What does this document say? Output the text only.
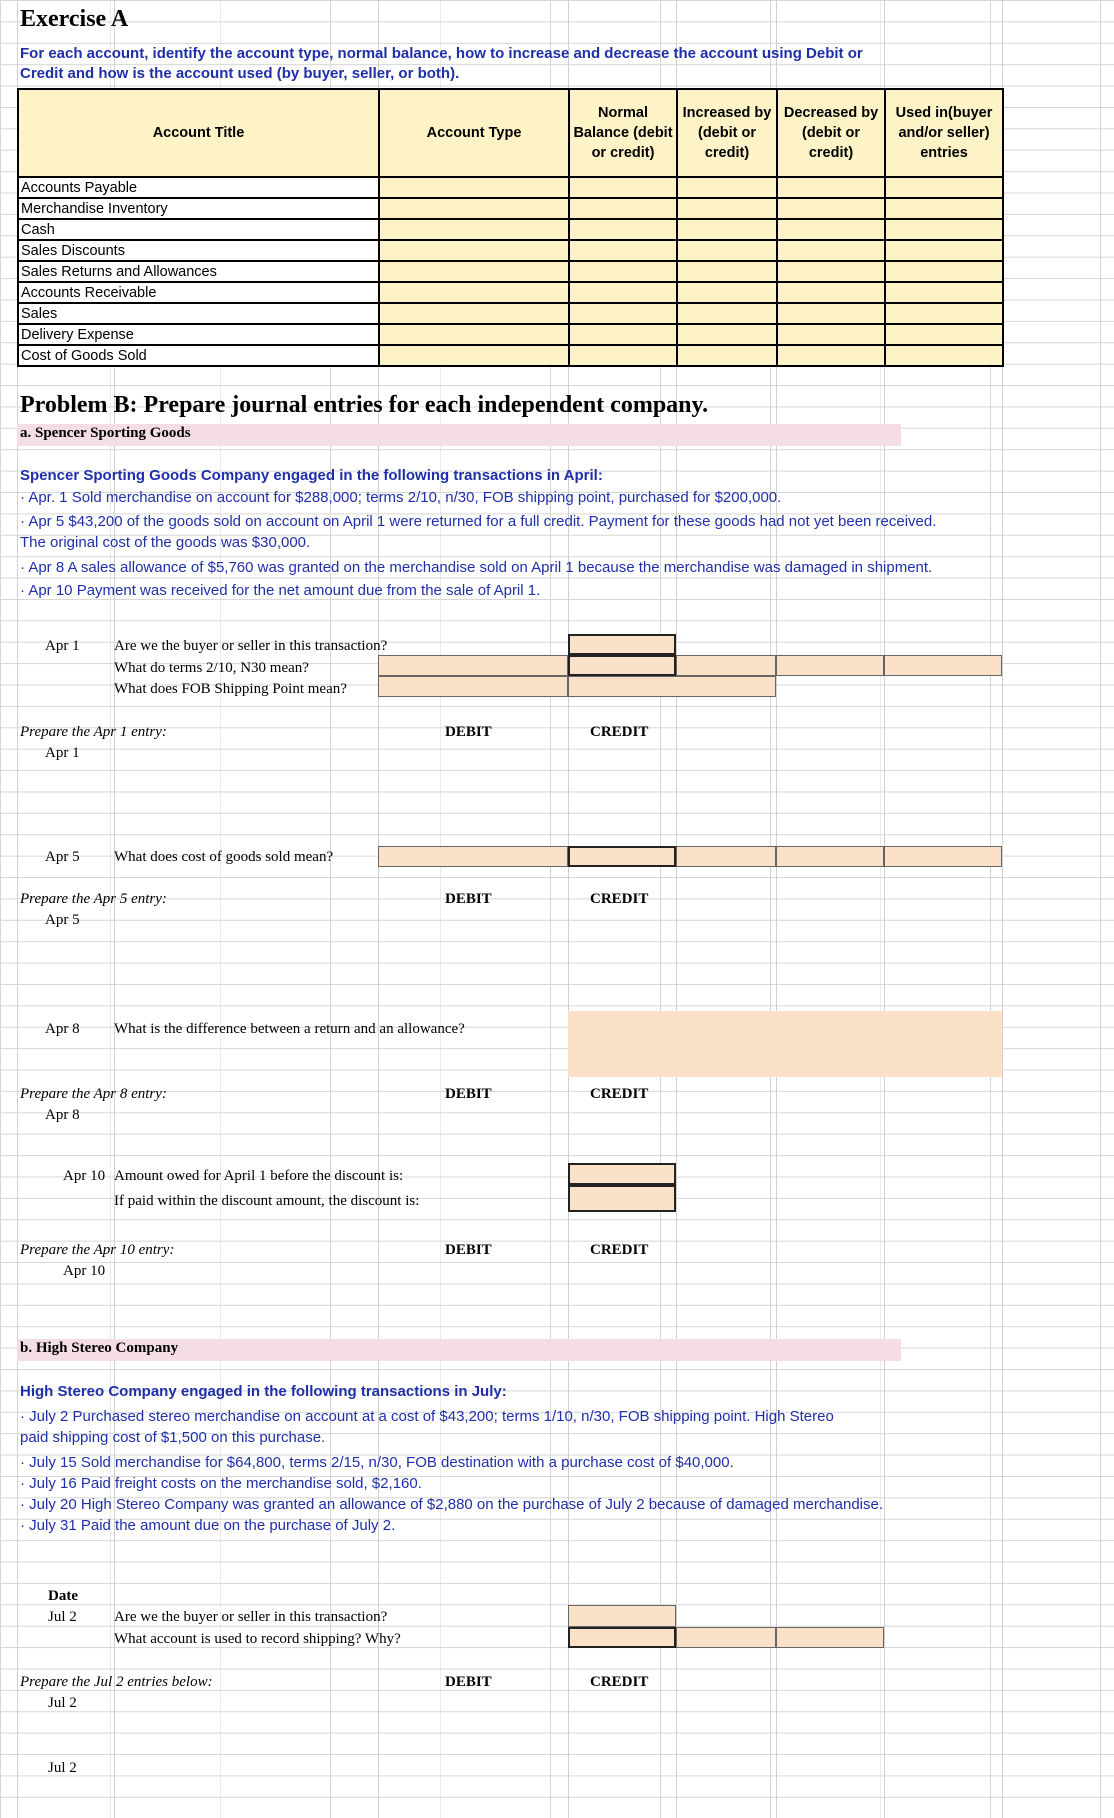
Exercise A
For each account, identify the account type, normal balance, how to increase and decrease the account using Debit or Credit and how is the account used (by buyer, seller, or both).
Account Title	Account Type	Normal Balance (debit or credit)	Increased by (debit or credit)	Decreased by (debit or credit)	Used in(buyer and/or seller) entries
Accounts Payable					
Merchandise Inventory					
Cash					
Sales Discounts					
Sales Returns and Allowances					
Accounts Receivable					
Sales					
Delivery Expense					
Cost of Goods Sold					
Problem B: Prepare journal entries for each independent company.
a. Spencer Sporting Goods
Spencer Sporting Goods Company engaged in the following transactions in April:
· Apr. 1 Sold merchandise on account for $288,000; terms 2/10, n/30, FOB shipping point, purchased for $200,000.
· Apr 5 $43,200 of the goods sold on account on April 1 were returned for a full credit. Payment for these goods had not yet been received.
The original cost of the goods was $30,000.
· Apr 8 A sales allowance of $5,760 was granted on the merchandise sold on April 1 because the merchandise was damaged in shipment.
· Apr 10 Payment was received for the net amount due from the sale of April 1.
Apr 1 Are we the buyer or seller in this transaction?
What do terms 2/10, N30 mean?
What does FOB Shipping Point mean?
Prepare the Apr 1 entry:	DEBIT	CREDIT
Apr 1
Apr 5 What does cost of goods sold mean?
Prepare the Apr 5 entry:	DEBIT	CREDIT
Apr 5
Apr 8 What is the difference between a return and an allowance?
Prepare the Apr 8 entry:	DEBIT	CREDIT
Apr 8
Apr 10 Amount owed for April 1 before the discount is:
If paid within the discount amount, the discount is:
Prepare the Apr 10 entry:	DEBIT	CREDIT
Apr 10
b. High Stereo Company
High Stereo Company engaged in the following transactions in July:
· July 2 Purchased stereo merchandise on account at a cost of $43,200; terms 1/10, n/30, FOB shipping point. High Stereo
paid shipping cost of $1,500 on this purchase.
· July 15 Sold merchandise for $64,800, terms 2/15, n/30, FOB destination with a purchase cost of $40,000.
· July 16 Paid freight costs on the merchandise sold, $2,160.
· July 20 High Stereo Company was granted an allowance of $2,880 on the purchase of July 2 because of damaged merchandise.
· July 31 Paid the amount due on the purchase of July 2.
Date
Jul 2 Are we the buyer or seller in this transaction?
What account is used to record shipping? Why?
Prepare the Jul 2 entries below:	DEBIT	CREDIT
Jul 2
Jul 2
